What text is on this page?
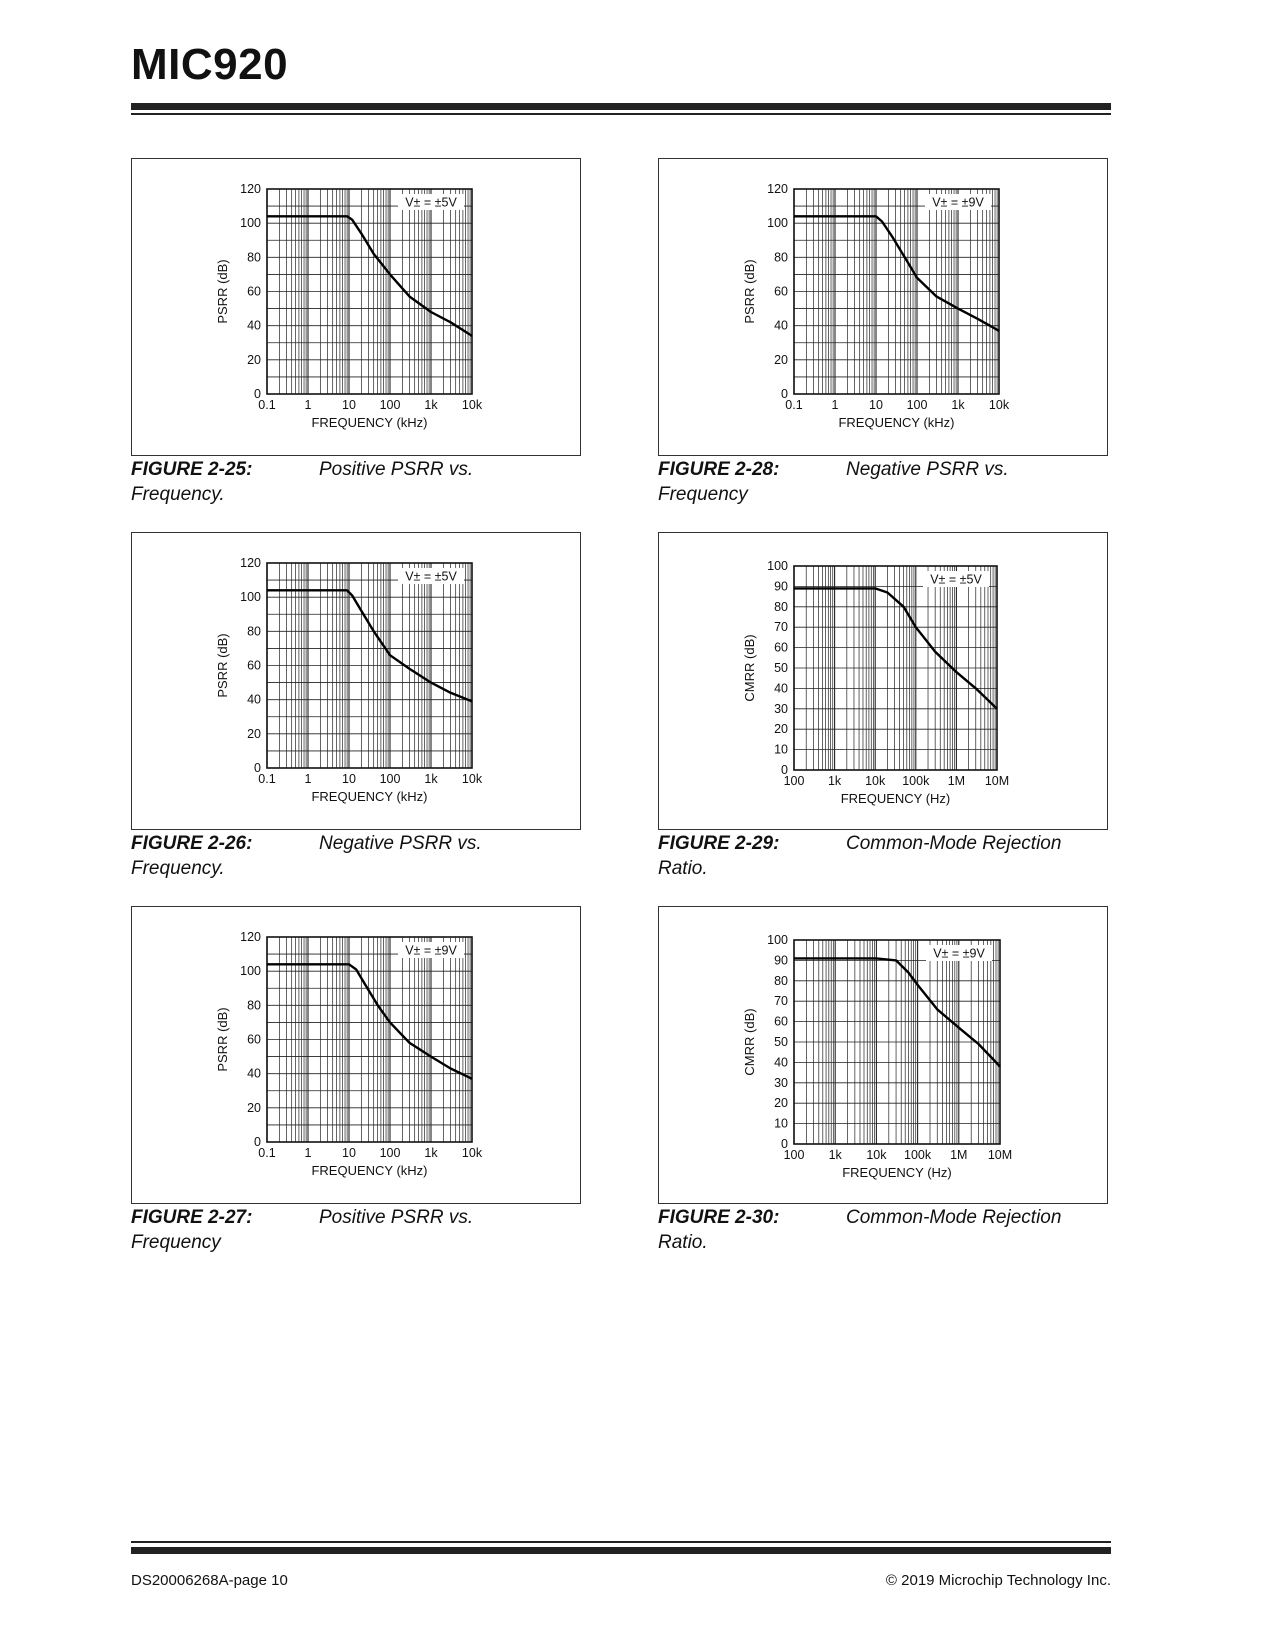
MIC920
0
20
40
60
80
100
120
0.1 1 10 100 1k 10k
FREQUENCY (kHz)
PSRR (dB)
V± = ±5V
0
20
40
60
80
100
120
0.1 1 10 100 1k 10k
FREQUENCY (kHz)
PSRR (dB)
V± = ±5V
0
20
40
60
80
100
120
0.1 1 10 100 1k 10k
FREQUENCY (kHz)
PSRR (dB)
V± = ±9V
0
20
40
60
80
100
120
0.1 1 10 100 1k 10k
FREQUENCY (kHz)
PSRR (dB)
V± = ±9V
0
10
20
30
40
50
60
70
80
90
100
100 1k 10k 100k 1M 10M
FREQUENCY (Hz)
CMRR (dB)
V± = ±5V
0
10
20
30
40
50
60
70
80
90
100
100 1k 10k 100k 1M 10M
FREQUENCY (Hz)
CMRR (dB)
V± = ±9V
FIGURE 2-25:	Positive PSRR vs.
Frequency.
FIGURE 2-26:	Negative PSRR vs.
Frequency.
FIGURE 2-27:	Positive PSRR vs.
Frequency
FIGURE 2-28:	Negative PSRR vs.
Frequency
FIGURE 2-29:	Common-Mode Rejection
Ratio.
FIGURE 2-30:	Common-Mode Rejection
Ratio.
DS20006268A-page 10	© 2019 Microchip Technology Inc.
